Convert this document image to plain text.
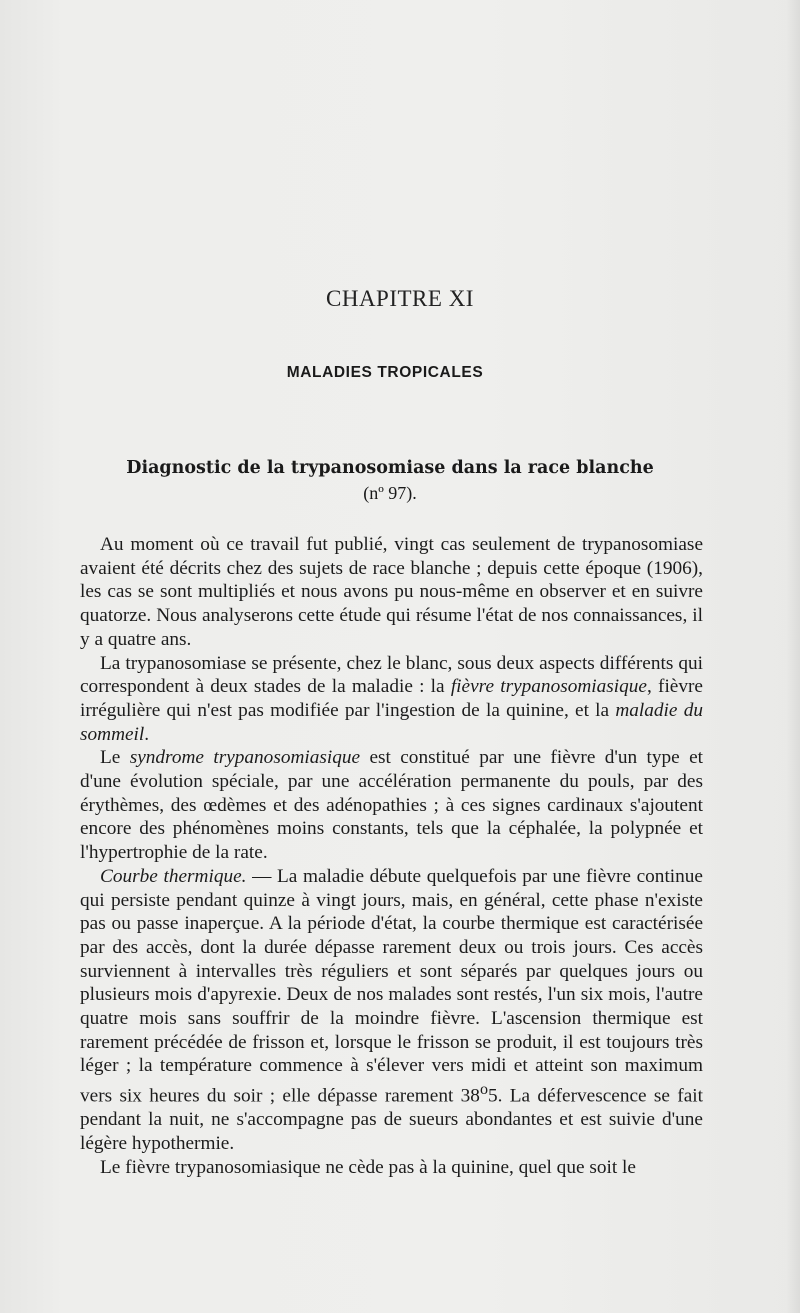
CHAPITRE XI
MALADIES TROPICALES
Diagnostic de la trypanosomiase dans la race blanche
(nº 97).

Au moment où ce travail fut publié, vingt cas seulement de trypanosomiase avaient été décrits chez des sujets de race blanche ; depuis cette époque (1906), les cas se sont multipliés et nous avons pu nous-même en observer et en suivre quatorze. Nous analyserons cette étude qui résume l'état de nos connaissances, il y a quatre ans.

La trypanosomiase se présente, chez le blanc, sous deux aspects différents qui correspondent à deux stades de la maladie : la fièvre trypanosomiasique, fièvre irrégulière qui n'est pas modifiée par l'ingestion de la quinine, et la maladie du sommeil.

Le syndrome trypanosomiasique est constitué par une fièvre d'un type et d'une évolution spéciale, par une accélération permanente du pouls, par des érythèmes, des œdèmes et des adénopathies ; à ces signes cardinaux s'ajoutent encore des phénomènes moins constants, tels que la céphalée, la polypnée et l'hypertrophie de la rate.

Courbe thermique. — La maladie débute quelquefois par une fièvre continue qui persiste pendant quinze à vingt jours, mais, en général, cette phase n'existe pas ou passe inaperçue. A la période d'état, la courbe thermique est caractérisée par des accès, dont la durée dépasse rarement deux ou trois jours. Ces accès surviennent à intervalles très réguliers et sont séparés par quelques jours ou plusieurs mois d'apyrexie. Deux de nos malades sont restés, l'un six mois, l'autre quatre mois sans souffrir de la moindre fièvre. L'ascension thermique est rarement précédée de frisson et, lorsque le frisson se produit, il est toujours très léger ; la température commence à s'élever vers midi et atteint son maximum vers six heures du soir ; elle dépasse rarement 38$^o$5. La défervescence se fait pendant la nuit, ne s'accompagne pas de sueurs abondantes et est suivie d'une légère hypothermie.

Le fièvre trypanosomiasique ne cède pas à la quinine, quel que soit le
